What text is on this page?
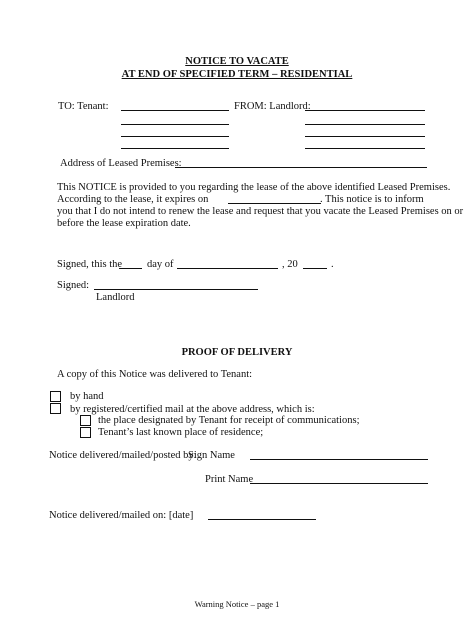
NOTICE TO VACATE
AT END OF SPECIFIED TERM – RESIDENTIAL
TO: Tenant:	FROM: Landlord:
Address of Leased Premises:
This NOTICE is provided to you regarding the lease of the above identified Leased Premises.
According to the lease, it expires on	. This notice is to inform
you that I do not intend to renew the lease and request that you vacate the Leased Premises on or
before the lease expiration date.
Signed, this the day of	, 20	.
Signed:
Landlord
PROOF OF DELIVERY
A copy of this Notice was delivered to Tenant:
by hand
by registered/certified mail at the above address, which is:
the place designated by Tenant for receipt of communications;
Tenant’s last known place of residence;
Notice delivered/mailed/posted by:
Sign Name
Print Name
Notice delivered/mailed on: [date]
Warning Notice – page 1
